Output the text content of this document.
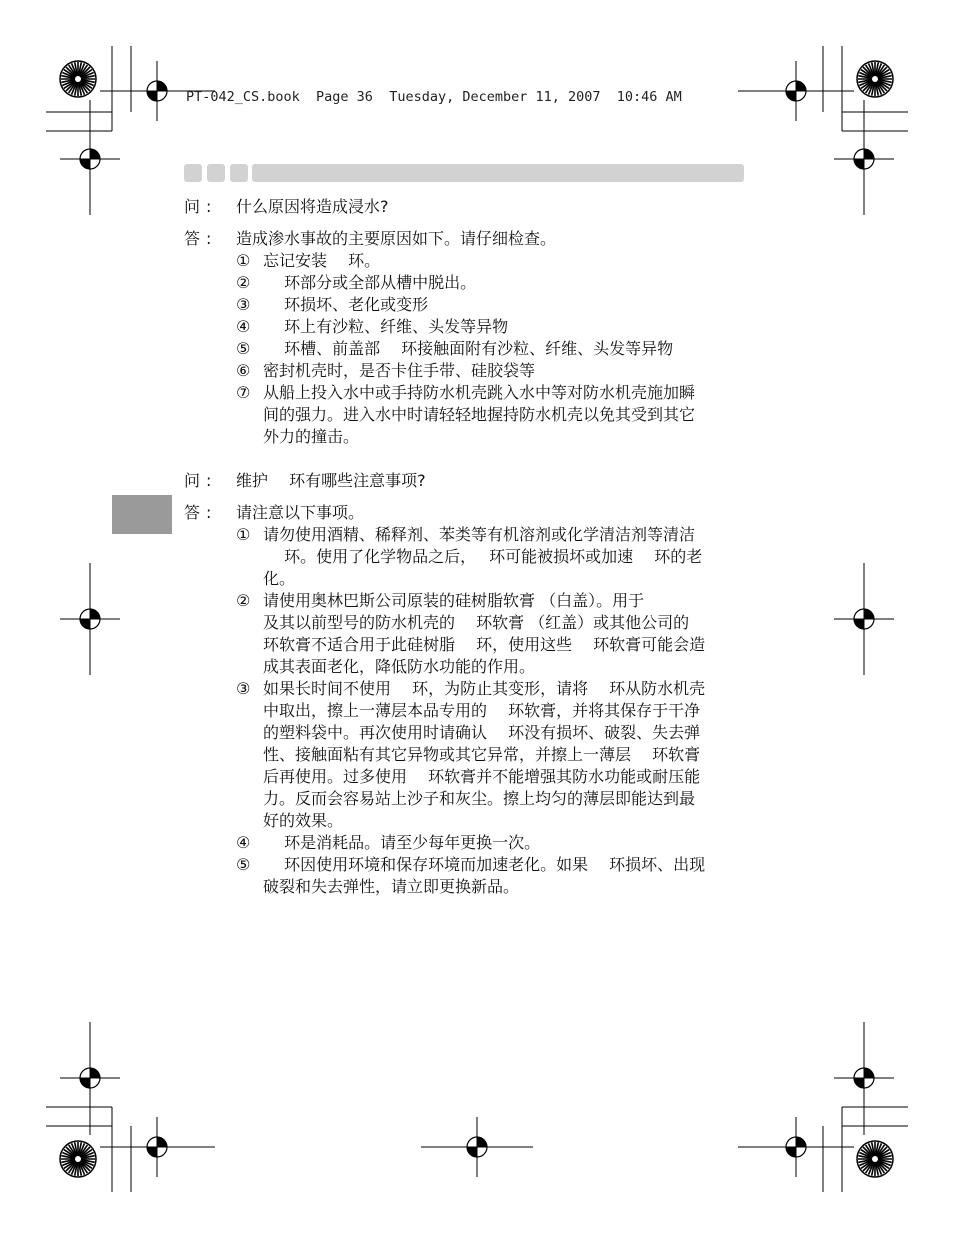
PT-042_CS.book  Page 36  Tuesday, December 11, 2007  10:46 AM
问 :	什么原因将造成浸水?
答 :	造成渗水事故的主要原因如下。请仔细检查。
① 忘记安装　 环。
② 　 环部分或全部从槽中脱出。
③ 　 环损坏、老化或变形
④ 　 环上有沙粒、纤维、头发等异物
⑤ 　 环槽、前盖部　 环接触面附有沙粒、纤维、头发等异物
⑥ 密封机壳时，是否卡住手带、硅胶袋等
⑦ 从船上投入水中或手持防水机壳跳入水中等对防水机壳施加瞬
间的强力。进入水中时请轻轻地握持防水机壳以免其受到其它
外力的撞击。
问 :	维护　 环有哪些注意事项?
答 :	请注意以下事项。
① 请勿使用酒精、稀释剂、苯类等有机溶剂或化学清洁剂等清洁
　 环。使用了化学物品之后，　 环可能被损坏或加速　 环的老
化。
② 请使用奥林巴斯公司原装的硅树脂软膏 （白盖）。用于
及其以前型号的防水机壳的　 环软膏 （红盖）或其他公司的
环软膏不适合用于此硅树脂　 环，使用这些　 环软膏可能会造
成其表面老化，降低防水功能的作用。
③ 如果长时间不使用　 环，为防止其变形，请将　 环从防水机壳
中取出，擦上一薄层本品专用的　 环软膏，并将其保存于干净
的塑料袋中。再次使用时请确认　 环没有损坏、破裂、失去弹
性、接触面粘有其它异物或其它异常，并擦上一薄层　 环软膏
后再使用。过多使用　 环软膏并不能增强其防水功能或耐压能
力。反而会容易站上沙子和灰尘。擦上均匀的薄层即能达到最
好的效果。
④ 　 环是消耗品。请至少每年更换一次。
⑤ 　 环因使用环境和保存环境而加速老化。如果　 环损坏、出现
破裂和失去弹性，请立即更换新品。
